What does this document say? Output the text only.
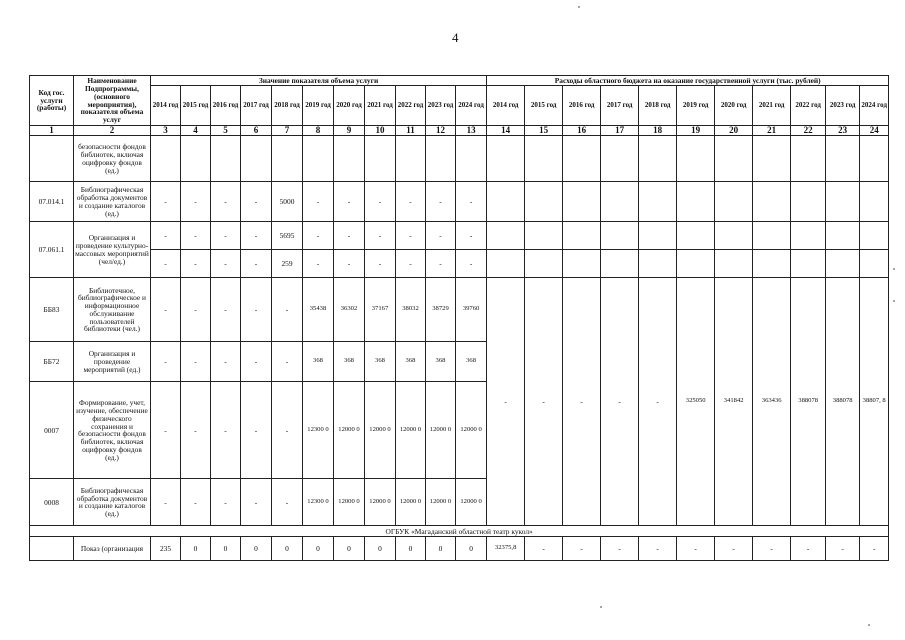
4
Код гос. услуги (работы)	Наименование Подпрограммы, (основного мероприятия), показателя объема услуг	Значение показателя объема услуги											Расходы областного бюджета на оказание государственной услуги (тыс. рублей)										
		2014 год	2015 год	2016 год	2017 год	2018 год	2019 год	2020 год	2021 год	2022 год	2023 год	2024 год	2014 год	2015 год	2016 год	2017 год	2018 год	2019 год	2020 год	2021 год	2022 год	2023 год	2024 год
1	2	3	4	5	6	7	8	9	10	11	12	13	14	15	16	17	18	19	20	21	22	23	24
	безопасности фондов библиотек, включая оцифровку фондов (ед.)																						
07.014.1	Библиографическая обработка документов и создание каталогов (ед.)	-	-	-	-	5000	-	-	-	-	-	-											
07.061.1	Организация и проведение культурно-массовых мероприятий (чел/ед.)	-	-	-	-	5695	-	-	-	-	-	-											
		-	-	-	-	259	-	-	-	-	-	-											
ББ83	Библиотечное, библиографическое и информационное обслуживание пользователей библиотеки (чел.)	-	-	-	-	-	35438	36302	37167	38032	38729	39760	-	-	-	-	-	325050	341842	363436	388078	388078	38807, 8
ББ72	Организация и проведение мероприятий (ед.)	-	-	-	-	-	368	368	368	368	368	368											
0007	Формирование, учет, изучение, обеспечение физического сохранения и безопасности фондов библиотек, включая оцифровку фондов (ед.)	-	-	-	-	-	12300 0	12000 0	12000 0	12000 0	12000 0	12000 0											
0008	Библиографическая обработка документов и создание каталогов (ед.)	-	-	-	-	-	12300 0	12000 0	12000 0	12000 0	12000 0	12000 0											
ОГБУК «Магаданский областной театр кукол»																							
	Показ (организация	235	0	0	0	0	0	0	0	0	0	0	32375,8	-	-	-	-	-	-	-	-	-	-
